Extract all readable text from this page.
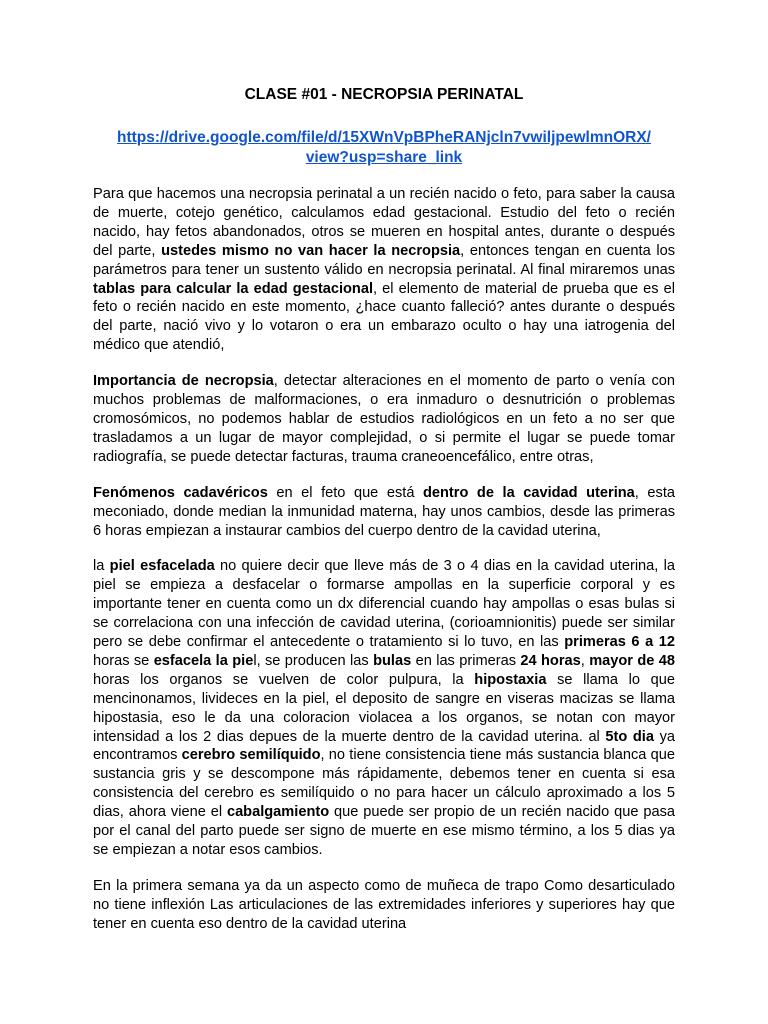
CLASE #01 - NECROPSIA PERINATAL
https://drive.google.com/file/d/15XWnVpBPheRANjcln7vwiljpewlmnORX/
view?usp=share_link

Para que hacemos una necropsia perinatal a un recién nacido o feto, para saber la causa de muerte, cotejo genético, calculamos edad gestacional. Estudio del feto o recién nacido, hay fetos abandonados, otros se mueren en hospital antes, durante o después del parte, ustedes mismo no van hacer la necropsia, entonces tengan en cuenta los parámetros para tener un sustento válido en necropsia perinatal. Al final miraremos unas tablas para calcular la edad gestacional, el elemento de material de prueba que es el feto o recién nacido en este momento, ¿hace cuanto falleció? antes durante o después del parte, nació vivo y lo votaron o era un embarazo oculto o hay una iatrogenia del médico que atendió,

Importancia de necropsia, detectar alteraciones en el momento de parto o venía con muchos problemas de malformaciones, o era inmaduro o desnutrición o problemas cromosómicos, no podemos hablar de estudios radiológicos en un feto a no ser que trasladamos a un lugar de mayor complejidad, o si permite el lugar se puede tomar radiografía, se puede detectar facturas, trauma craneoencefálico, entre otras,

Fenómenos cadavéricos en el feto que está dentro de la cavidad uterina, esta meconiado, donde median la inmunidad materna, hay unos cambios, desde las primeras 6 horas empiezan a instaurar cambios del cuerpo dentro de la cavidad uterina,

la piel esfacelada no quiere decir que lleve más de 3 o 4 dias en la cavidad uterina, la piel se empieza a desfacelar o formarse ampollas en la superficie corporal y es importante tener en cuenta como un dx diferencial cuando hay ampollas o esas bulas si se correlaciona con una infección de cavidad uterina, (corioamnionitis) puede ser similar pero se debe confirmar el antecedente o tratamiento si lo tuvo, en las primeras 6 a 12 horas se esfacela la piel, se producen las bulas en las primeras 24 horas, mayor de 48 horas los organos se vuelven de color pulpura, la hipostaxia se llama lo que mencinonamos, livideces en la piel, el deposito de sangre en viseras macizas se llama hipostasia, eso le da una coloracion violacea a los organos, se notan con mayor intensidad a los 2 dias depues de la muerte dentro de la cavidad uterina. al 5to dia ya encontramos cerebro semilíquido, no tiene consistencia tiene más sustancia blanca que sustancia gris y se descompone más rápidamente, debemos tener en cuenta si esa consistencia del cerebro es semilíquido o no para hacer un cálculo aproximado a los 5 dias, ahora viene el cabalgamiento que puede ser propio de un recién nacido que pasa por el canal del parto puede ser signo de muerte en ese mismo término, a los 5 dias ya se empiezan a notar esos cambios.

En la primera semana ya da un aspecto como de muñeca de trapo Como desarticulado no tiene inflexión Las articulaciones de las extremidades inferiores y superiores hay que tener en cuenta eso dentro de la cavidad uterina
